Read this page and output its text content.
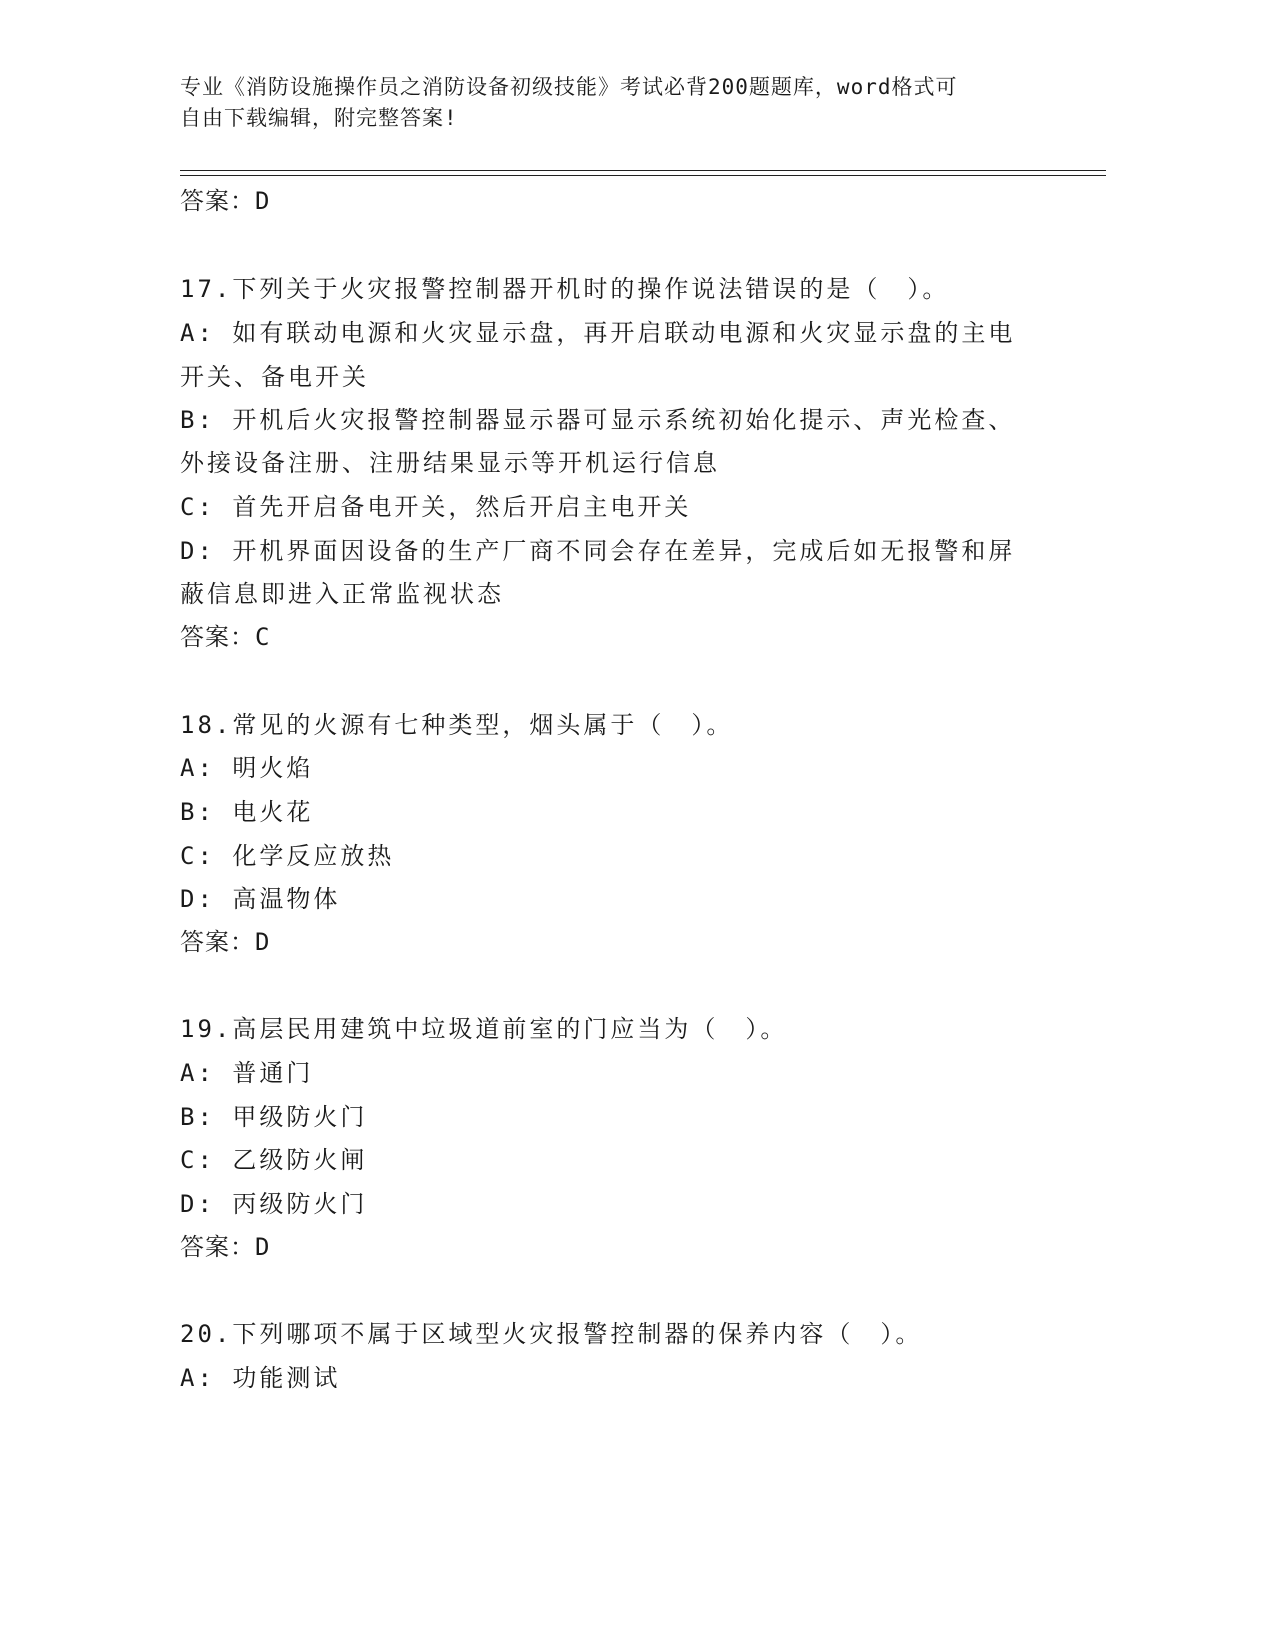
专业《消防设施操作员之消防设备初级技能》考试必背200题题库，word格式可
自由下载编辑，附完整答案!
答案：D
17.下列关于火灾报警控制器开机时的操作说法错误的是（　）。
A: 如有联动电源和火灾显示盘，再开启联动电源和火灾显示盘的主电
开关、备电开关
B: 开机后火灾报警控制器显示器可显示系统初始化提示、声光检查、
外接设备注册、注册结果显示等开机运行信息
C: 首先开启备电开关，然后开启主电开关
D: 开机界面因设备的生产厂商不同会存在差异，完成后如无报警和屏
蔽信息即进入正常监视状态
答案：C
18.常见的火源有七种类型，烟头属于（　）。
A: 明火焰
B: 电火花
C: 化学反应放热
D: 高温物体
答案：D
19.高层民用建筑中垃圾道前室的门应当为（　）。
A: 普通门
B: 甲级防火门
C: 乙级防火闸
D: 丙级防火门
答案：D
20.下列哪项不属于区域型火灾报警控制器的保养内容（　）。
A: 功能测试
